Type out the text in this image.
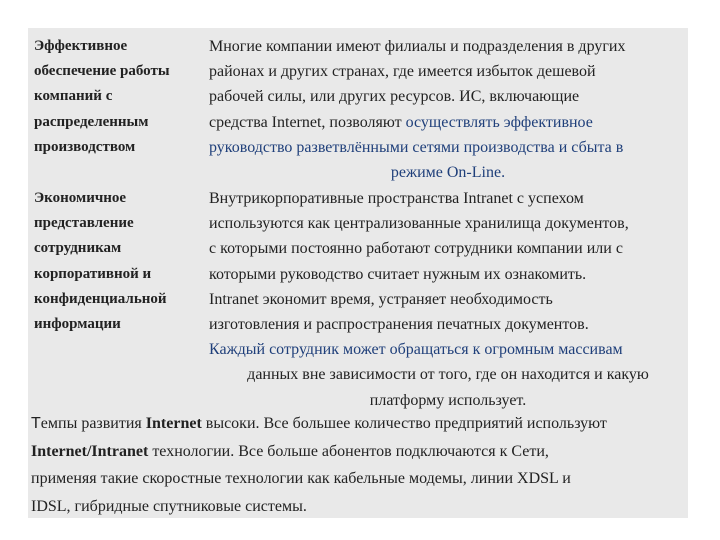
Эффективное
обеспечение работы
компаний с
распределенным
производством
Многие компании имеют филиалы и подразделения в других
районах и других странах, где имеется избыток дешевой
рабочей силы, или других ресурсов. ИС, включающие
средства Internet, позволяют осуществлять эффективное
руководство разветвлёнными сетями производства и сбыта в
режиме On-Line.
Экономичное
представление
сотрудникам
корпоративной и
конфиденциальной
информации
Внутрикорпоративные пространства Intranet с успехом
используются как централизованные хранилища документов,
с которыми постоянно работают сотрудники компании или с
которыми руководство считает нужным их ознакомить.
Intranet экономит время, устраняет необходимость
изготовления и распространения печатных документов.
Каждый сотрудник может обращаться к огромным массивам
данных вне зависимости от того, где он находится и какую
платформу использует.
Темпы развития Internet высоки. Все большее количество предприятий используют
Internet/Intranet технологии. Все больше абонентов подключаются к Сети,
применяя такие скоростные технологии как кабельные модемы, линии XDSL и
IDSL, гибридные спутниковые системы.
